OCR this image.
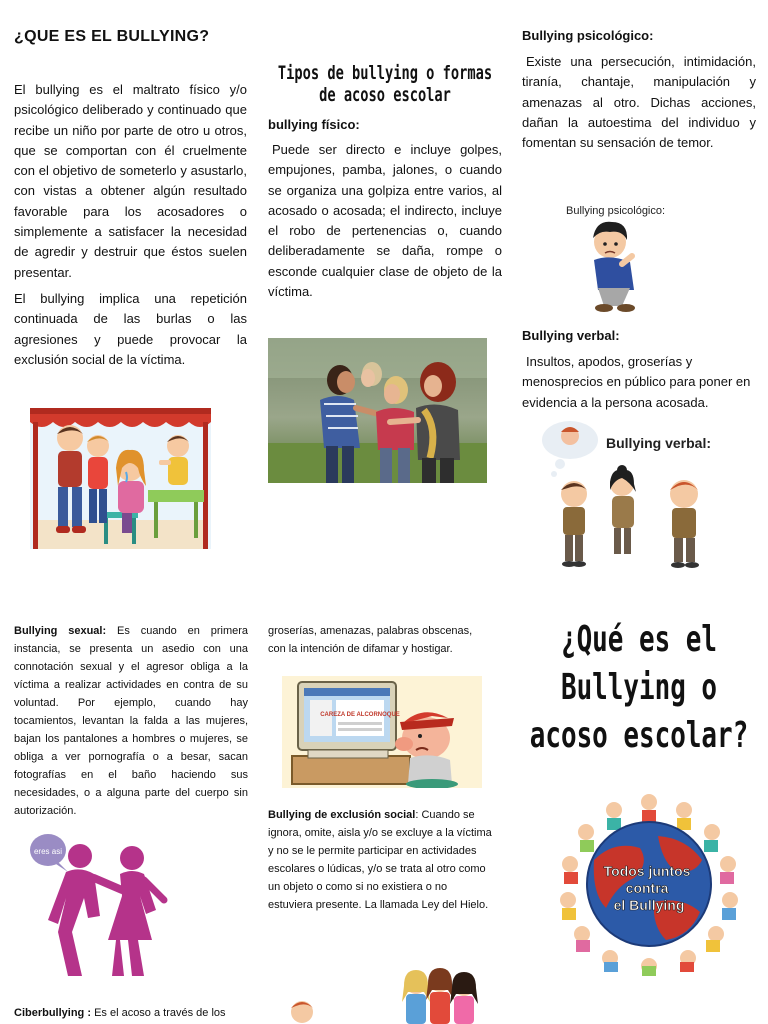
¿QUE ES EL BULLYING?

El bullying es el maltrato físico y/o psicológico deliberado y continuado que recibe un niño por parte de otro u otros, que se comportan con él cruelmente con el objetivo de someterlo y asustarlo, con vistas a obtener algún resultado favorable para los acosadores o simplemente a satisfacer la necesidad de agredir y destruir que éstos suelen presentar.

El bullying implica una repetición continuada de las burlas o las agresiones y puede provocar la exclusión social de la víctima.

Tipos de bullying o formas de acoso escolar
bullying físico:

Puede ser directo e incluye golpes, empujones, pamba, jalones, o cuando se organiza una golpiza entre varios, al acosado o acosada; el indirecto, incluye el robo de pertenencias o, cuando deliberadamente se daña, rompe o esconde cualquier clase de objeto de la víctima.

Bullying psicológico:

Existe una persecución, intimidación, tiranía, chantaje, manipulación y amenazas al otro. Dichas acciones, dañan la autoestima del individuo y fomentan su sensación de temor.

Bullying psicológico:
Bullying verbal:

Insultos, apodos, groserías y menosprecios en público para poner en evidencia a la persona acosada.

Bullying verbal:

Bullying sexual: Es cuando en primera instancia, se presenta un asedio con una connotación sexual y el agresor obliga a la víctima a realizar actividades en contra de su voluntad. Por ejemplo, cuando hay tocamientos, levantan la falda a las mujeres, bajan los pantalones a hombres o mujeres, se obliga a ver pornografía o a besar, sacan fotografías en el baño haciendo sus necesidades, o a alguna parte del cuerpo sin autorización.

eres asi

Ciberbullying : Es el acoso a través de los

groserías, amenazas, palabras obscenas, con la intención de difamar y hostigar.

CAREZA DE ALCORNOQUE

Bullying de exclusión social: Cuando se ignora, omite, aisla y/o se excluye a la víctima y no se le permite participar en actividades escolares o lúdicas, y/o se trata al otro como un objeto o como si no existiera o no estuviera presente. La llamada Ley del Hielo.

¿Qué es el Bullying o acoso escolar?
Todos juntos contra el Bullying
